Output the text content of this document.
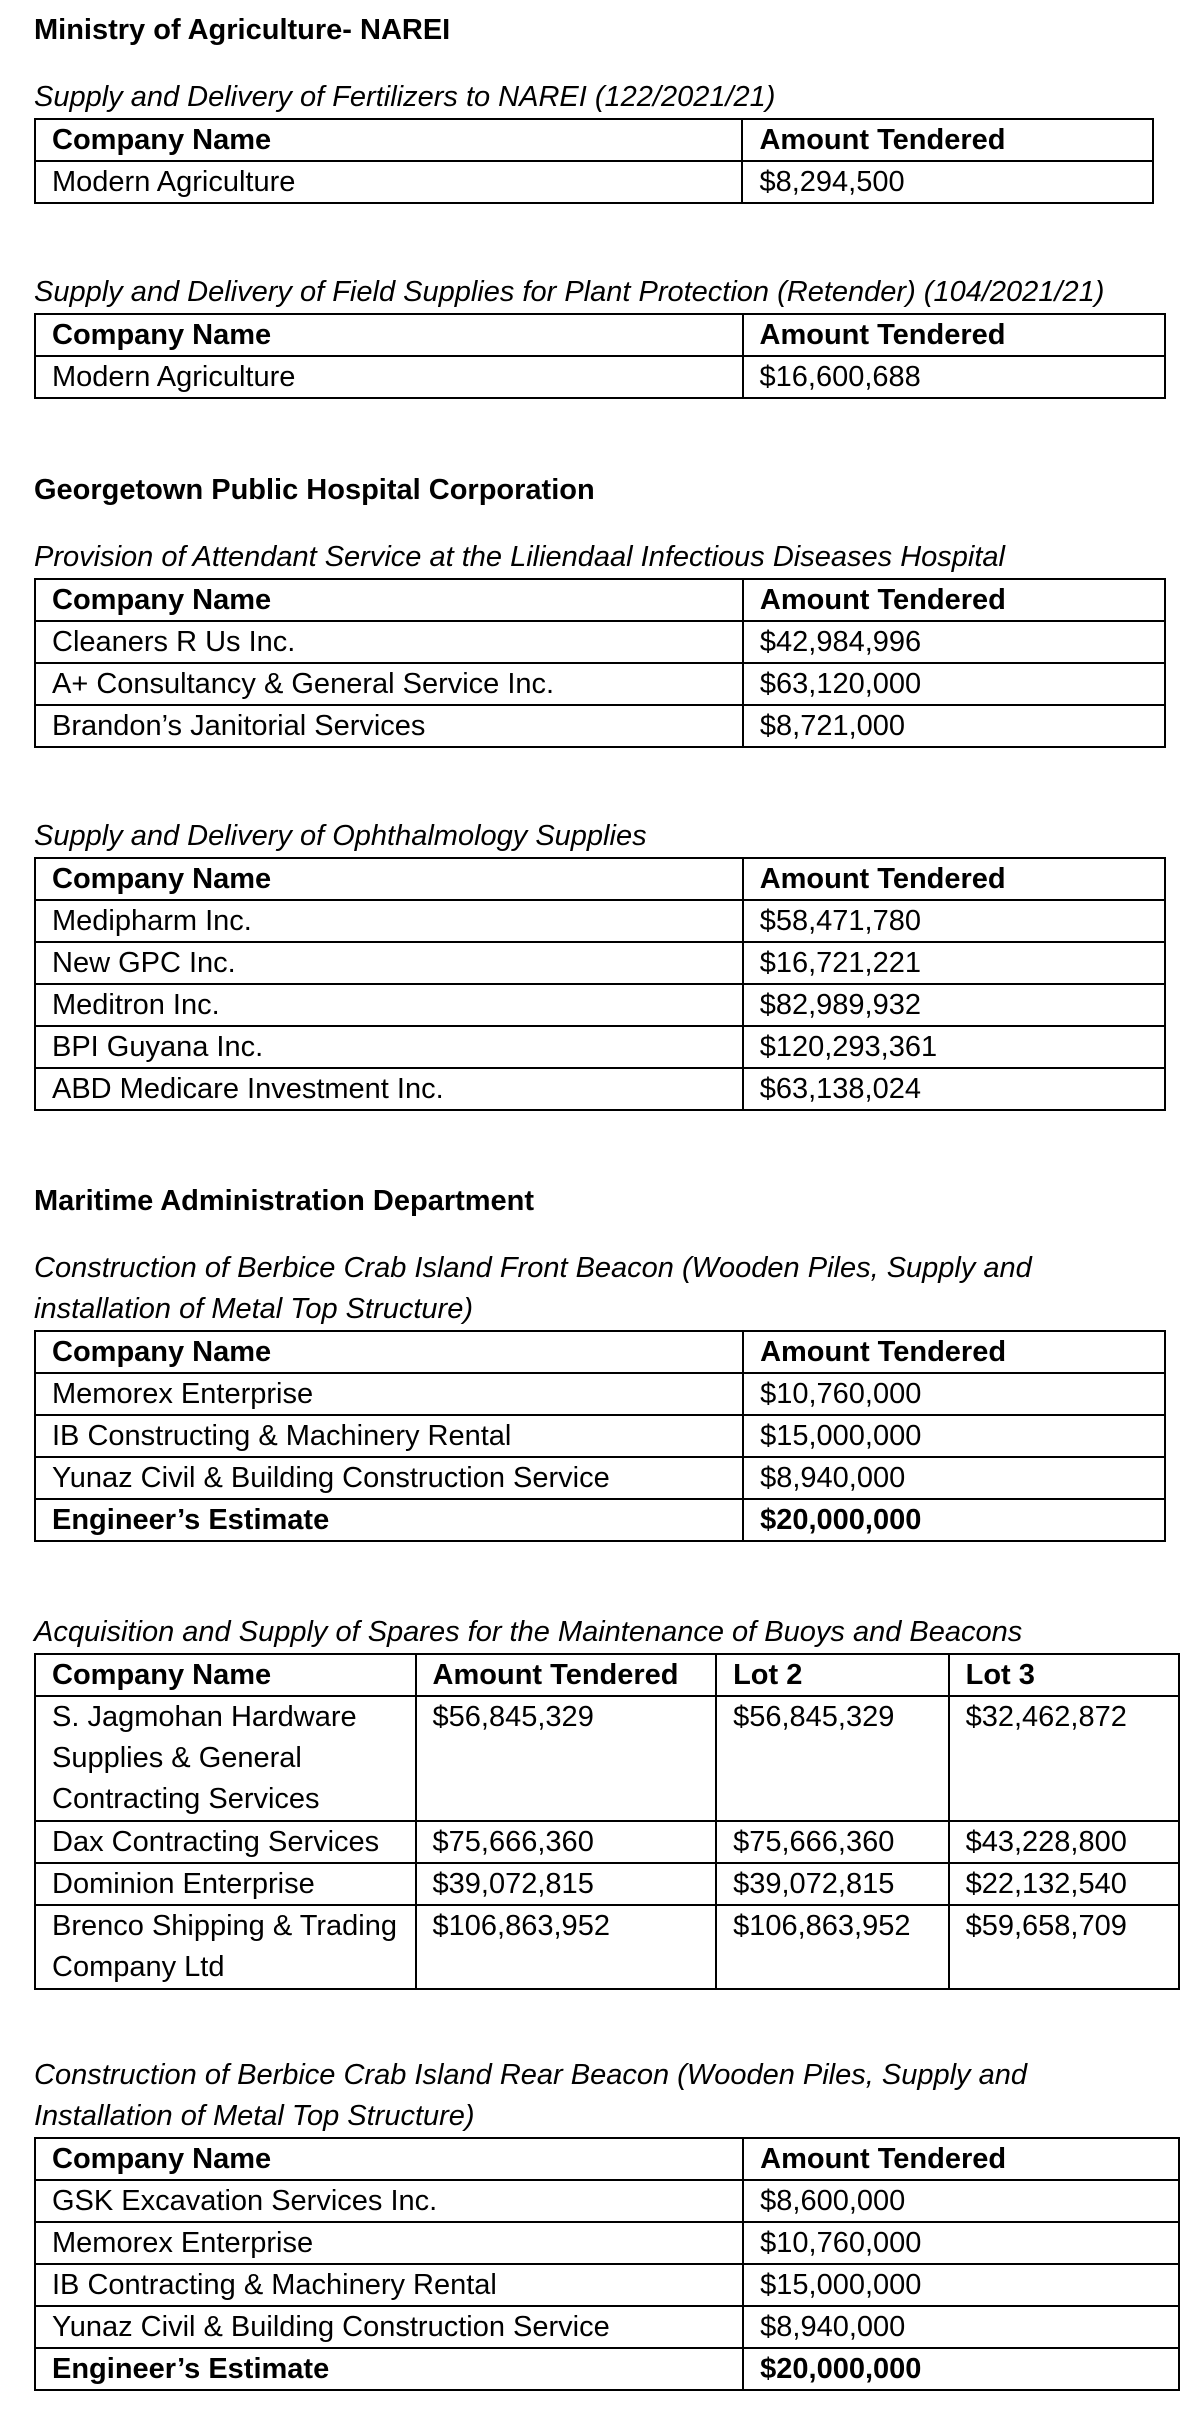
Ministry of Agriculture- NAREI
Supply and Delivery of Fertilizers to NAREI (122/2021/21)
Company Name	Amount Tendered
Modern Agriculture	$8,294,500
Supply and Delivery of Field Supplies for Plant Protection (Retender) (104/2021/21)
Company Name	Amount Tendered
Modern Agriculture	$16,600,688
Georgetown Public Hospital Corporation
Provision of Attendant Service at the Liliendaal Infectious Diseases Hospital
Company Name	Amount Tendered
Cleaners R Us Inc.	$42,984,996
A+ Consultancy & General Service Inc.	$63,120,000
Brandon’s Janitorial Services	$8,721,000
Supply and Delivery of Ophthalmology Supplies
Company Name	Amount Tendered
Medipharm Inc.	$58,471,780
New GPC Inc.	$16,721,221
Meditron Inc.	$82,989,932
BPI Guyana Inc.	$120,293,361
ABD Medicare Investment Inc.	$63,138,024
Maritime Administration Department
Construction of Berbice Crab Island Front Beacon (Wooden Piles, Supply and installation of Metal Top Structure)
Company Name	Amount Tendered
Memorex Enterprise	$10,760,000
IB Constructing & Machinery Rental	$15,000,000
Yunaz Civil & Building Construction Service	$8,940,000
Engineer’s Estimate	$20,000,000
Acquisition and Supply of Spares for the Maintenance of Buoys and Beacons
Company Name	Amount Tendered	Lot 2	Lot 3
S. Jagmohan Hardware Supplies & General Contracting Services	$56,845,329	$56,845,329	$32,462,872
Dax Contracting Services	$75,666,360	$75,666,360	$43,228,800
Dominion Enterprise	$39,072,815	$39,072,815	$22,132,540
Brenco Shipping & Trading Company Ltd	$106,863,952	$106,863,952	$59,658,709
Construction of Berbice Crab Island Rear Beacon (Wooden Piles, Supply and Installation of Metal Top Structure)
Company Name	Amount Tendered
GSK Excavation Services Inc.	$8,600,000
Memorex Enterprise	$10,760,000
IB Contracting & Machinery Rental	$15,000,000
Yunaz Civil & Building Construction Service	$8,940,000
Engineer’s Estimate	$20,000,000
